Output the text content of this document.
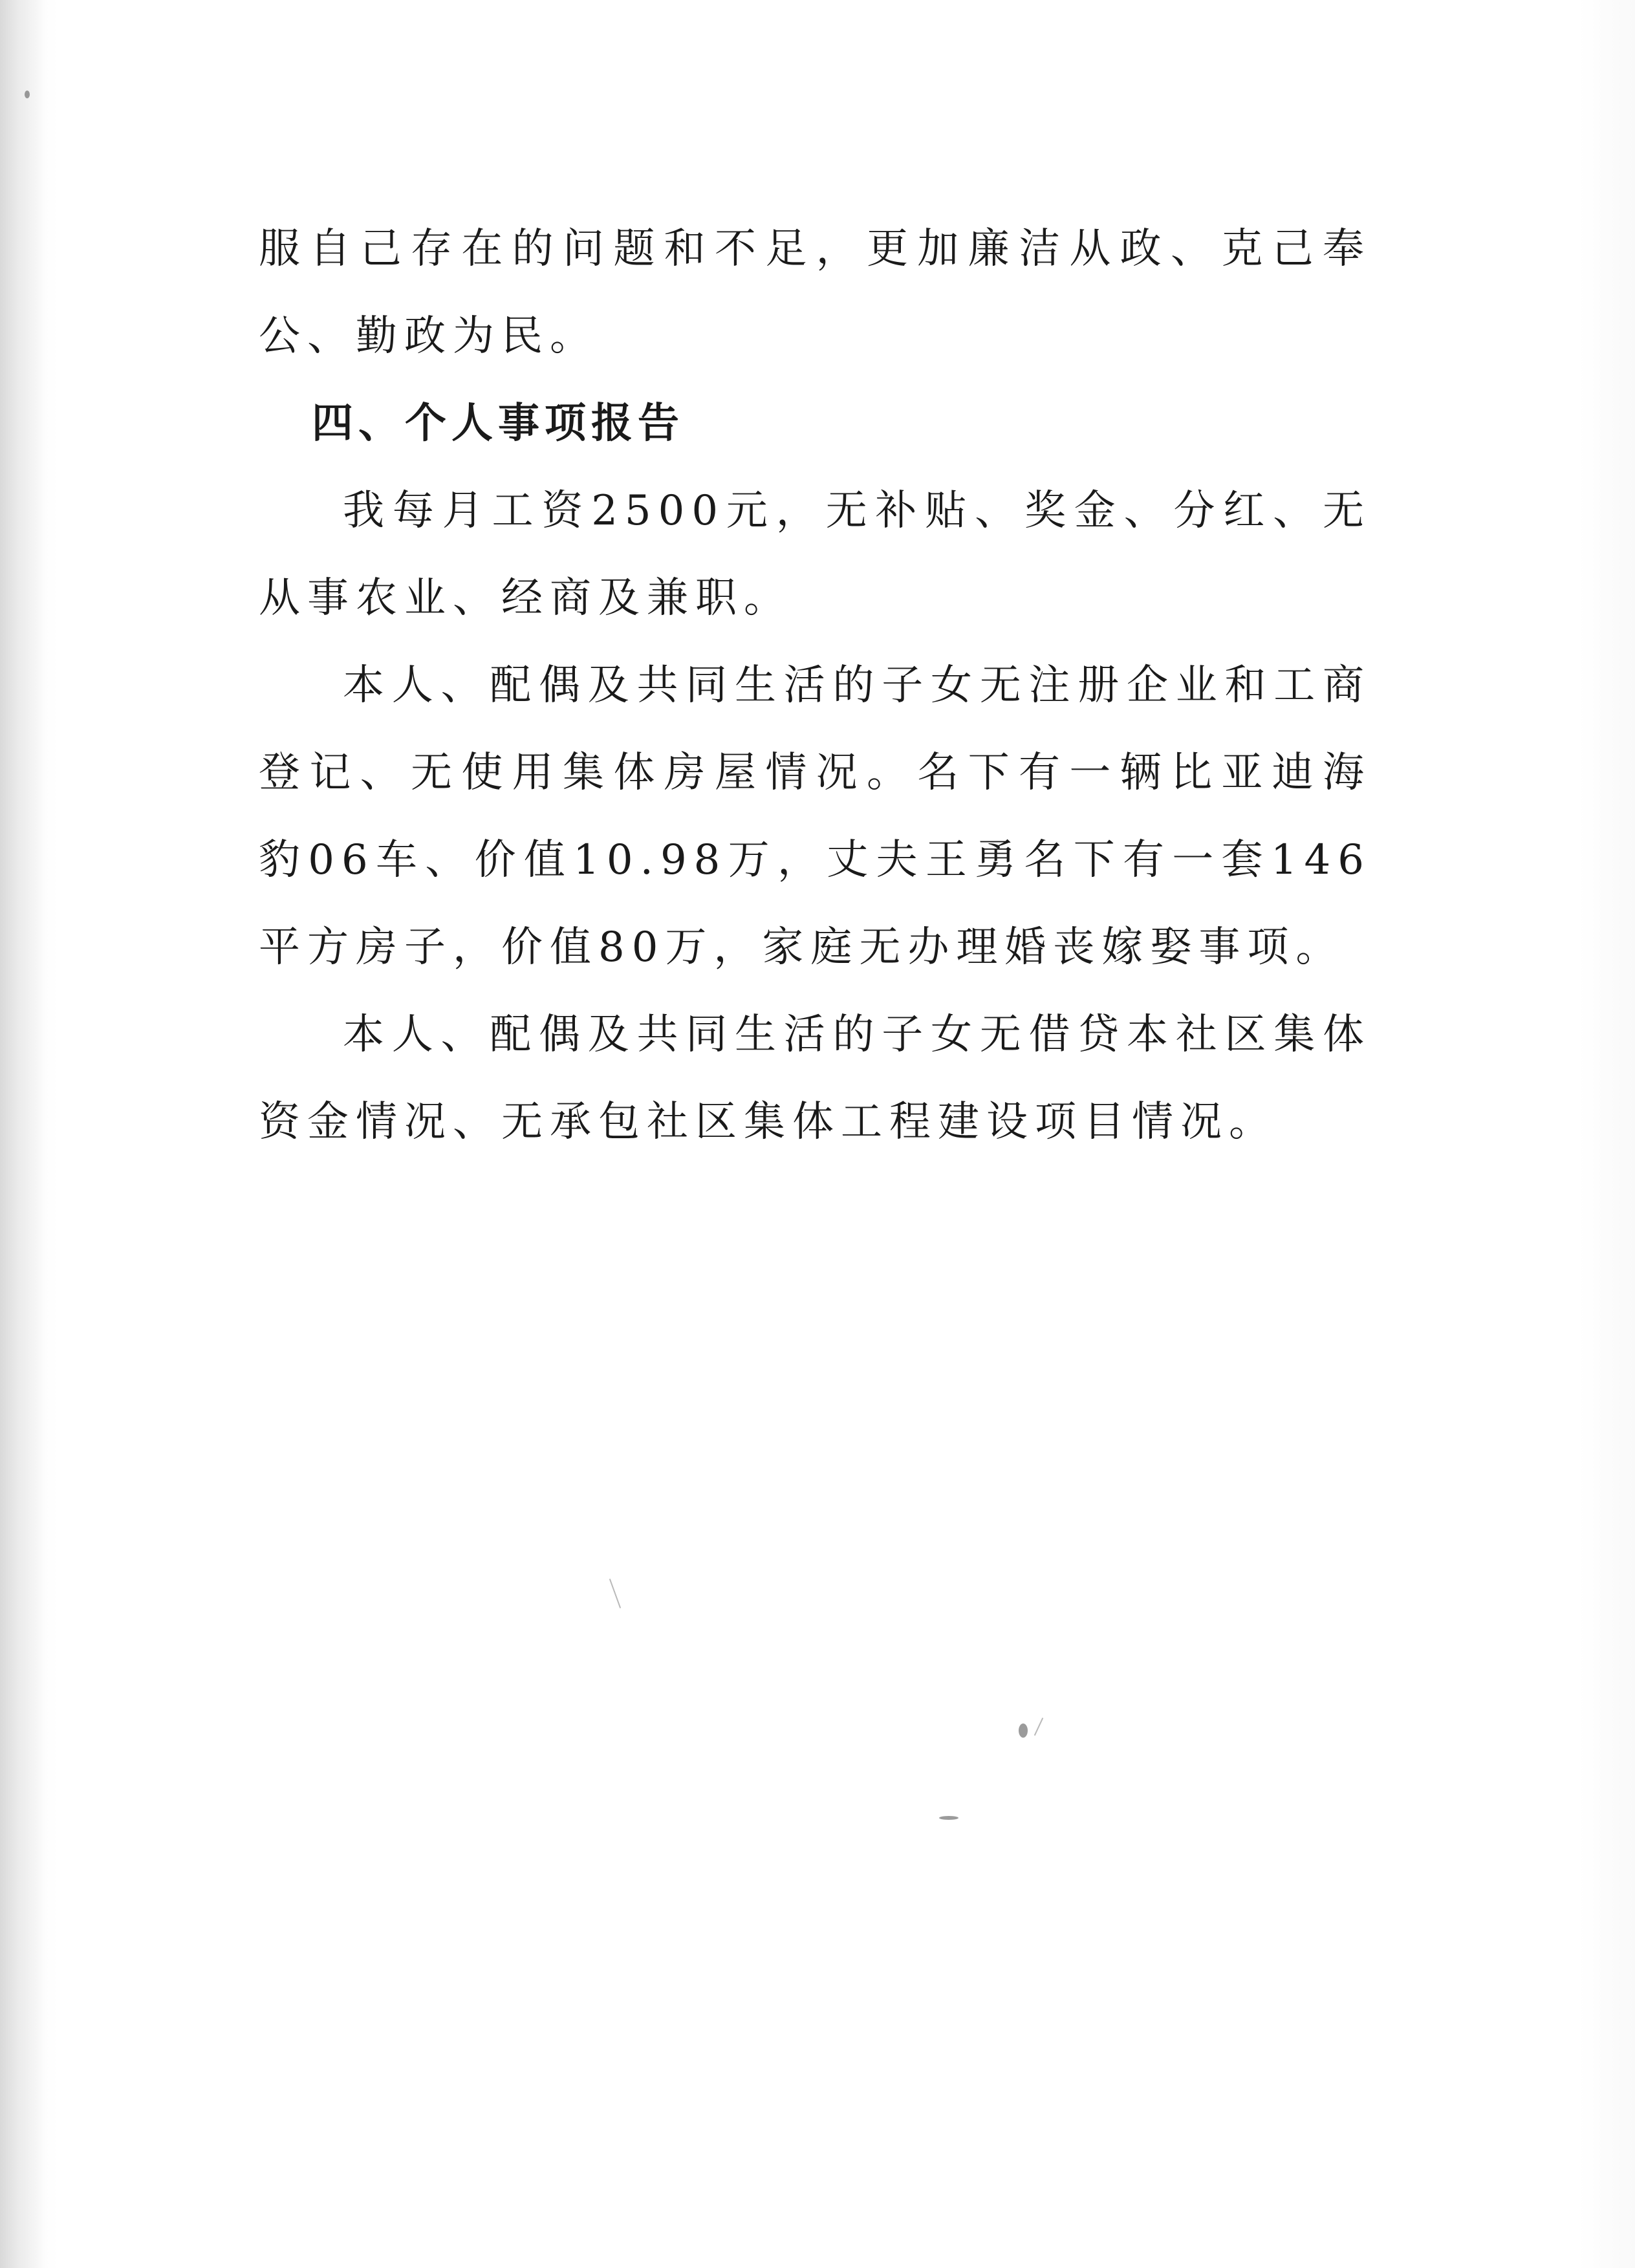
服自己存在的问题和不足，更加廉洁从政、克己奉公、勤政为民。

四、个人事项报告

我每月工资2500元，无补贴、奖金、分红、无从事农业、经商及兼职。

本人、配偶及共同生活的子女无注册企业和工商登记、无使用集体房屋情况。名下有一辆比亚迪海豹06车、价值10.98万，丈夫王勇名下有一套146平方房子，价值80万，家庭无办理婚丧嫁娶事项。

本人、配偶及共同生活的子女无借贷本社区集体资金情况、无承包社区集体工程建设项目情况。
